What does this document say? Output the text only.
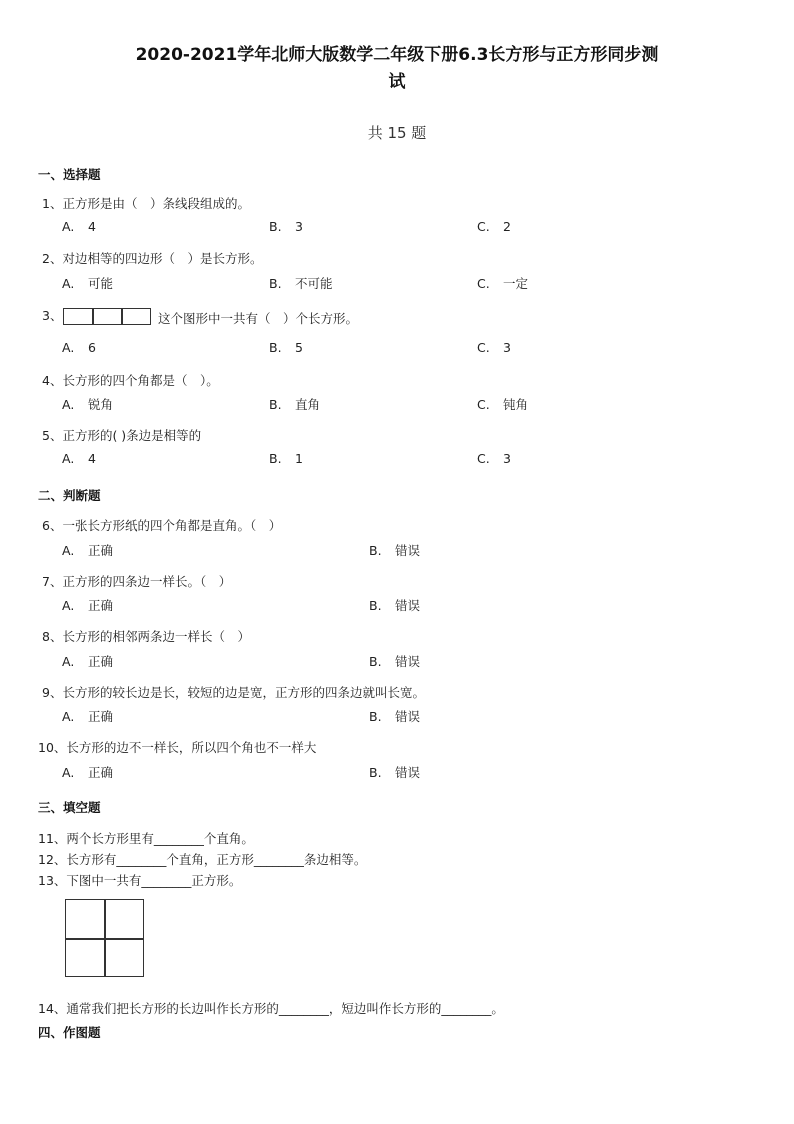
2020-2021学年北师大版数学二年级下册6.3长方形与正方形同步测
试
共 15 题
一、选择题
1、正方形是由（　）条线段组成的。
A. 4	B. 3	C. 2
2、对边相等的四边形（　）是长方形。
A. 可能	B. 不可能	C. 一定
3、	这个图形中一共有（　）个长方形。
A. 6	B. 5	C. 3
4、长方形的四个角都是（　）。
A. 锐角	B. 直角	C. 钝角
5、正方形的( )条边是相等的
A. 4	B. 1	C. 3
二、判断题
6、一张长方形纸的四个角都是直角。（　）
A. 正确	B. 错误
7、正方形的四条边一样长。（　）
A. 正确	B. 错误
8、长方形的相邻两条边一样长（　）
A. 正确	B. 错误
9、长方形的较长边是长，较短的边是宽，正方形的四条边就叫长宽。
A. 正确	B. 错误
10、长方形的边不一样长，所以四个角也不一样大
A. 正确	B. 错误
三、填空题
11、两个长方形里有________个直角。
12、长方形有________个直角，正方形________条边相等。
13、下图中一共有________正方形。
14、通常我们把长方形的长边叫作长方形的________，短边叫作长方形的________。
四、作图题
